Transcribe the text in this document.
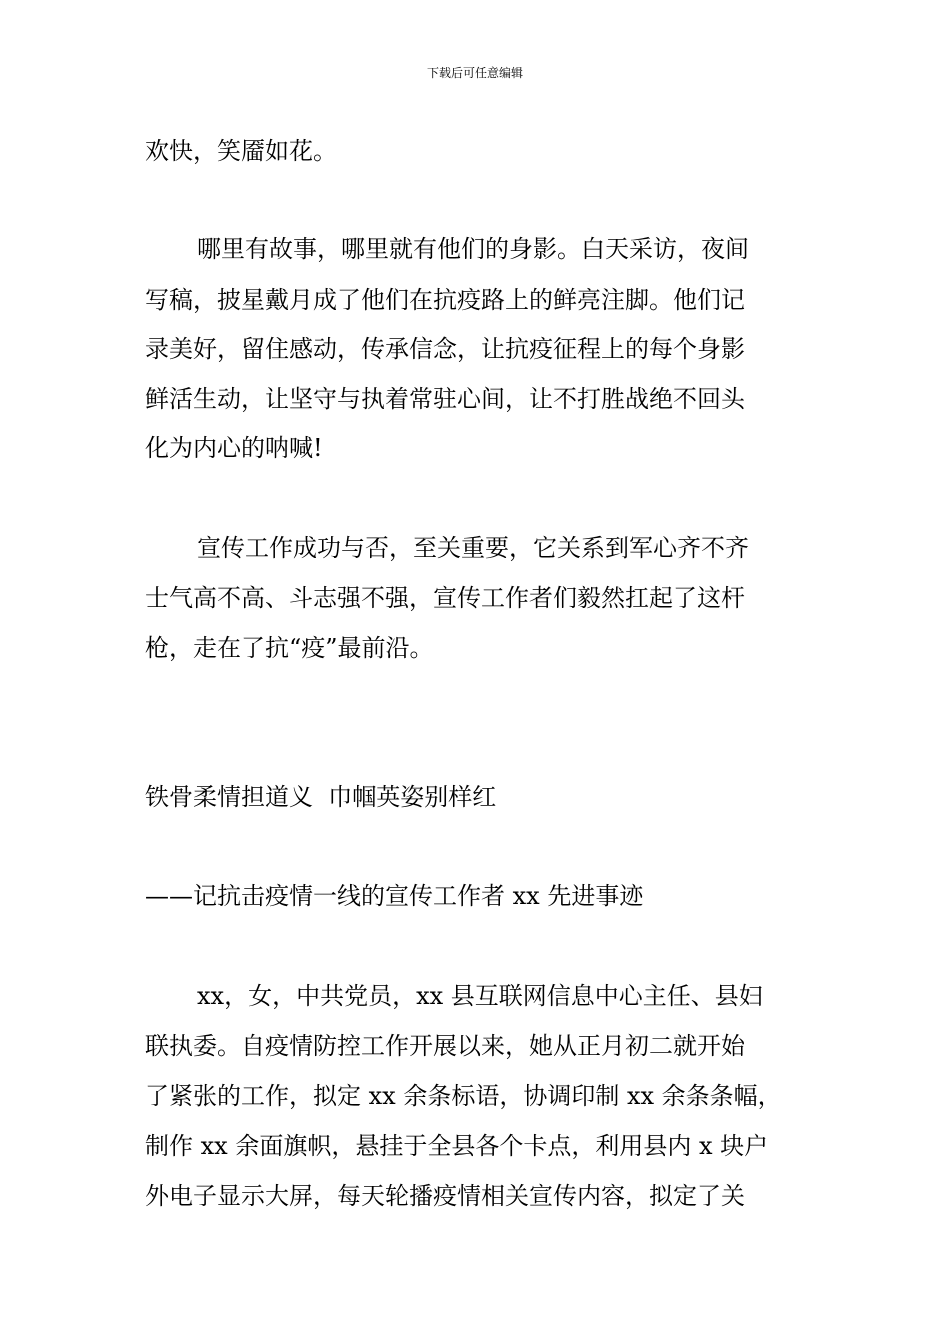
下载后可任意编辑
欢快，笑靥如花。
哪里有故事，哪里就有他们的身影。白天采访，夜间
写稿，披星戴月成了他们在抗疫路上的鲜亮注脚。他们记
录美好，留住感动，传承信念，让抗疫征程上的每个身影
鲜活生动，让坚守与执着常驻心间，让不打胜战绝不回头
化为内心的呐喊!
宣传工作成功与否，至关重要，它关系到军心齐不齐
士气高不高、斗志强不强，宣传工作者们毅然扛起了这杆
枪，走在了抗“疫”最前沿。
铁骨柔情担道义  巾帼英姿别样红
——记抗击疫情一线的宣传工作者 xx 先进事迹
xx，女，中共党员，xx 县互联网信息中心主任、县妇
联执委。自疫情防控工作开展以来，她从正月初二就开始
了紧张的工作，拟定 xx 余条标语，协调印制 xx 余条条幅，
制作 xx 余面旗帜，悬挂于全县各个卡点，利用县内 x 块户
外电子显示大屏，每天轮播疫情相关宣传内容，拟定了关
